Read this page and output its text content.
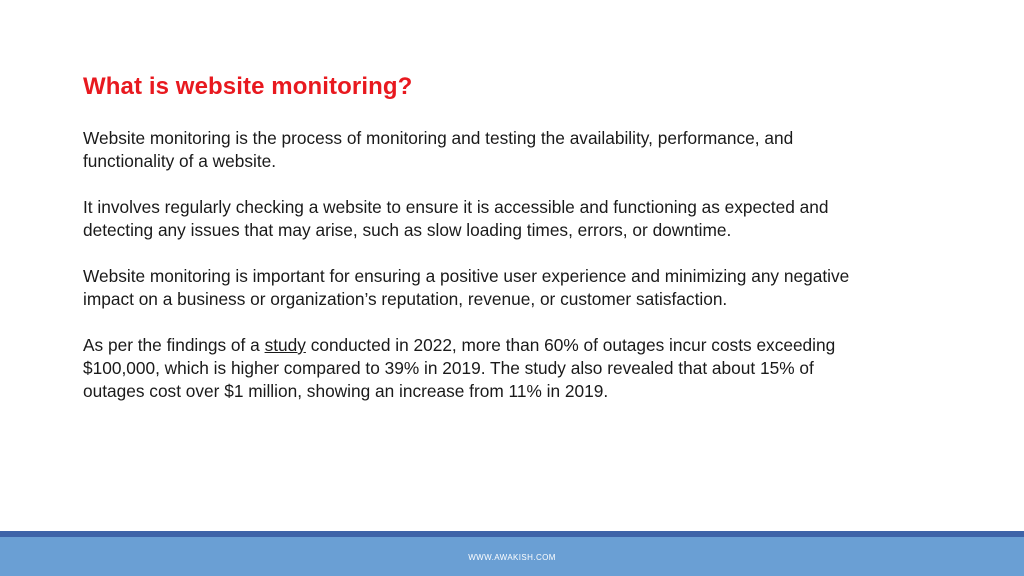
What is website monitoring?

Website monitoring is the process of monitoring and testing the availability, performance, and functionality of a website.

It involves regularly checking a website to ensure it is accessible and functioning as expected and detecting any issues that may arise, such as slow loading times, errors, or downtime.

Website monitoring is important for ensuring a positive user experience and minimizing any negative impact on a business or organization’s reputation, revenue, or customer satisfaction.

As per the findings of a study conducted in 2022, more than 60% of outages incur costs exceeding $100,000, which is higher compared to 39% in 2019. The study also revealed that about 15% of outages cost over $1 million, showing an increase from 11% in 2019.

WWW.AWAKISH.COM
